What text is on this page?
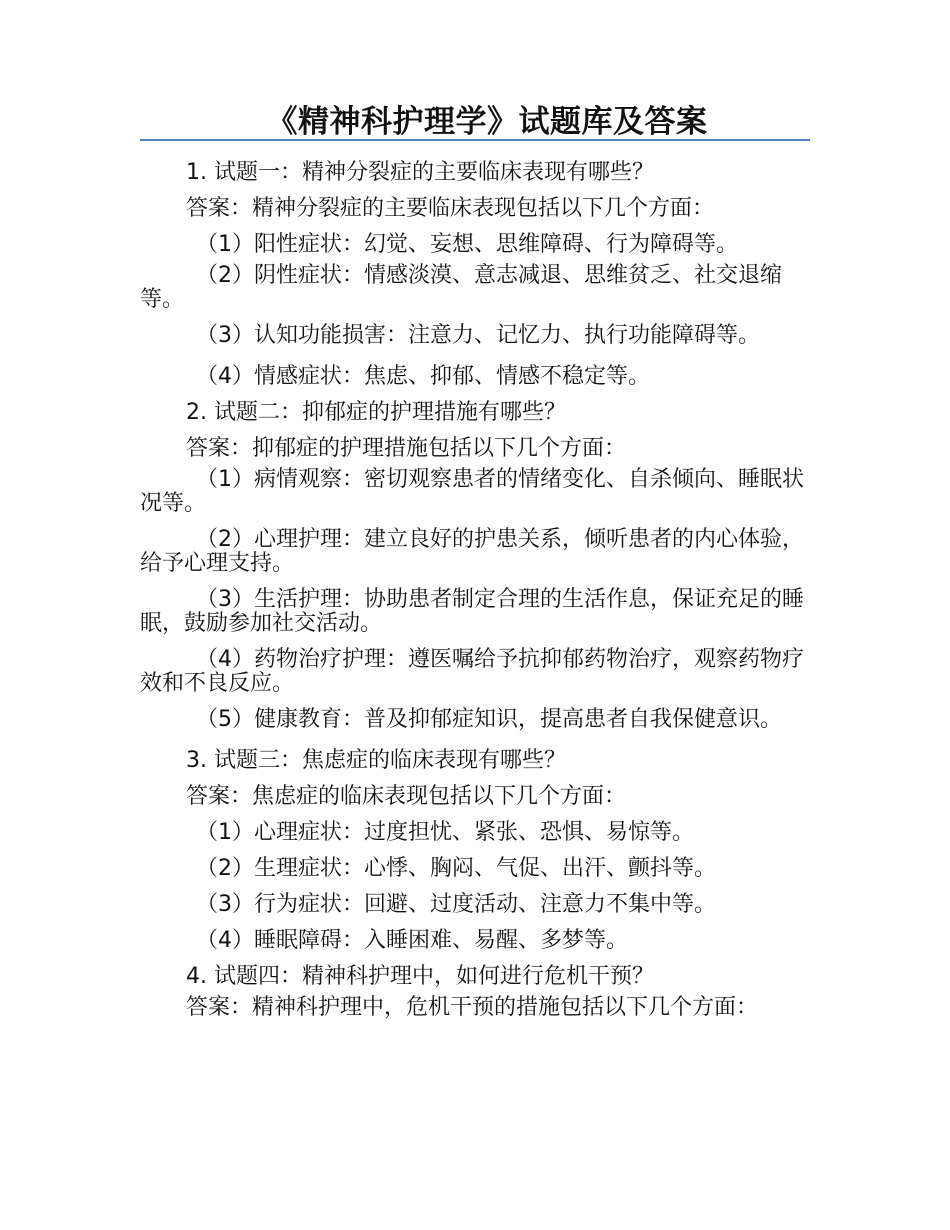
《精神科护理学》试题库及答案

1. 试题一：精神分裂症的主要临床表现有哪些？

答案：精神分裂症的主要临床表现包括以下几个方面：

（1）阳性症状：幻觉、妄想、思维障碍、行为障碍等。

（2）阴性症状：情感淡漠、意志减退、思维贫乏、社交退缩等。

（3）认知功能损害：注意力、记忆力、执行功能障碍等。

（4）情感症状：焦虑、抑郁、情感不稳定等。

2. 试题二：抑郁症的护理措施有哪些？

答案：抑郁症的护理措施包括以下几个方面：

（1）病情观察：密切观察患者的情绪变化、自杀倾向、睡眠状况等。

（2）心理护理：建立良好的护患关系，倾听患者的内心体验，给予心理支持。

（3）生活护理：协助患者制定合理的生活作息，保证充足的睡眠，鼓励参加社交活动。

（4）药物治疗护理：遵医嘱给予抗抑郁药物治疗，观察药物疗效和不良反应。

（5）健康教育：普及抑郁症知识，提高患者自我保健意识。

3. 试题三：焦虑症的临床表现有哪些？

答案：焦虑症的临床表现包括以下几个方面：

（1）心理症状：过度担忧、紧张、恐惧、易惊等。

（2）生理症状：心悸、胸闷、气促、出汗、颤抖等。

（3）行为症状：回避、过度活动、注意力不集中等。

（4）睡眠障碍：入睡困难、易醒、多梦等。

4. 试题四：精神科护理中，如何进行危机干预？

答案：精神科护理中，危机干预的措施包括以下几个方面：
